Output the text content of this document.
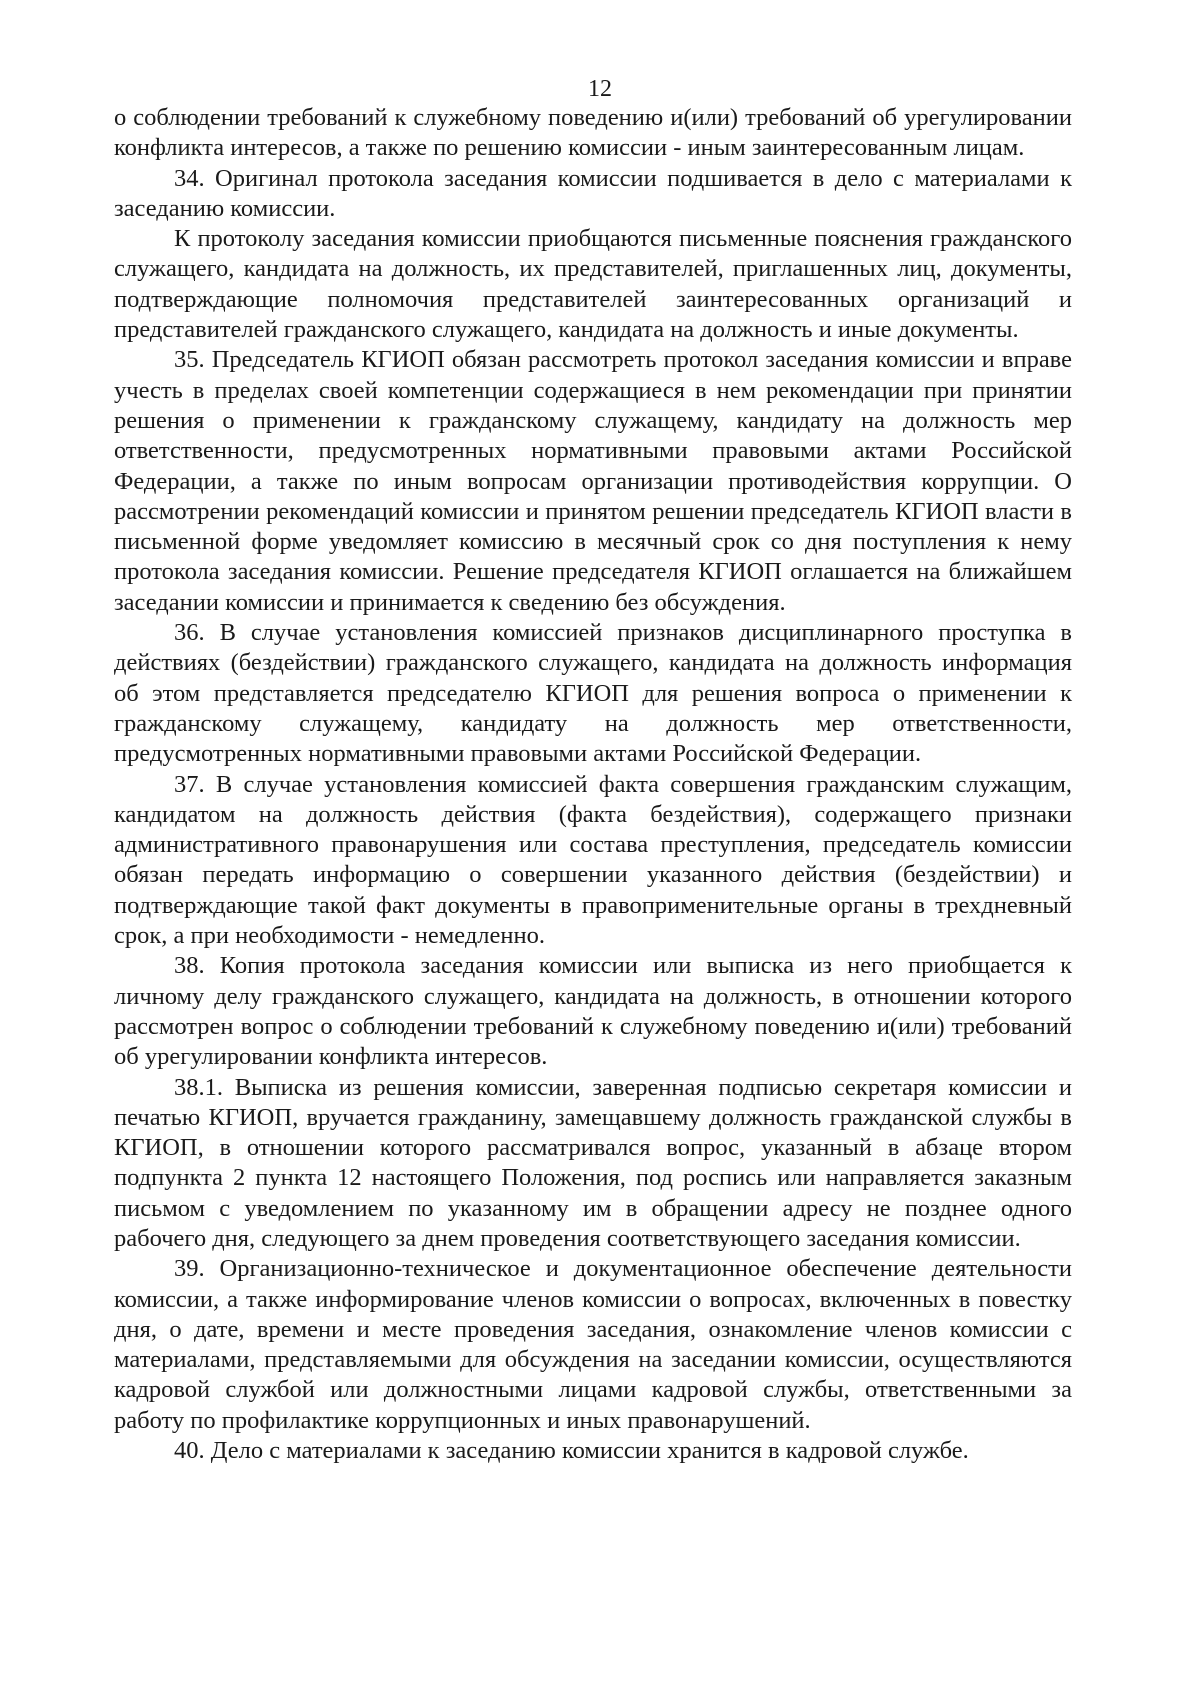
12

о соблюдении требований к служебному поведению и(или) требований об урегулировании конфликта интересов, а также по решению комиссии - иным заинтересованным лицам.

34. Оригинал протокола заседания комиссии подшивается в дело с материалами к заседанию комиссии.

К протоколу заседания комиссии приобщаются письменные пояснения гражданского служащего, кандидата на должность, их представителей, приглашенных лиц, документы, подтверждающие полномочия представителей заинтересованных организаций и представителей гражданского служащего, кандидата на должность и иные документы.

35. Председатель КГИОП обязан рассмотреть протокол заседания комиссии и вправе учесть в пределах своей компетенции содержащиеся в нем рекомендации при принятии решения о применении к гражданскому служащему, кандидату на должность мер ответственности, предусмотренных нормативными правовыми актами Российской Федерации, а также по иным вопросам организации противодействия коррупции. О рассмотрении рекомендаций комиссии и принятом решении председатель КГИОП власти в письменной форме уведомляет комиссию в месячный срок со дня поступления к нему протокола заседания комиссии. Решение председателя КГИОП оглашается на ближайшем заседании комиссии и принимается к сведению без обсуждения.

36. В случае установления комиссией признаков дисциплинарного проступка в действиях (бездействии) гражданского служащего, кандидата на должность информация об этом представляется председателю КГИОП для решения вопроса о применении к гражданскому служащему, кандидату на должность мер ответственности, предусмотренных нормативными правовыми актами Российской Федерации.

37. В случае установления комиссией факта совершения гражданским служащим, кандидатом на должность действия (факта бездействия), содержащего признаки административного правонарушения или состава преступления, председатель комиссии обязан передать информацию о совершении указанного действия (бездействии) и подтверждающие такой факт документы в правоприменительные органы в трехдневный срок, а при необходимости - немедленно.

38. Копия протокола заседания комиссии или выписка из него приобщается к личному делу гражданского служащего, кандидата на должность, в отношении которого рассмотрен вопрос о соблюдении требований к служебному поведению и(или) требований об урегулировании конфликта интересов.

38.1. Выписка из решения комиссии, заверенная подписью секретаря комиссии и печатью КГИОП, вручается гражданину, замещавшему должность гражданской службы в КГИОП, в отношении которого рассматривался вопрос, указанный в абзаце втором подпункта 2 пункта 12 настоящего Положения, под роспись или направляется заказным письмом с уведомлением по указанному им в обращении адресу не позднее одного рабочего дня, следующего за днем проведения соответствующего заседания комиссии.

39. Организационно-техническое и документационное обеспечение деятельности комиссии, а также информирование членов комиссии о вопросах, включенных в повестку дня, о дате, времени и месте проведения заседания, ознакомление членов комиссии с материалами, представляемыми для обсуждения на заседании комиссии, осуществляются кадровой службой или должностными лицами кадровой службы, ответственными за работу по профилактике коррупционных и иных правонарушений.

40. Дело с материалами к заседанию комиссии хранится в кадровой службе.
